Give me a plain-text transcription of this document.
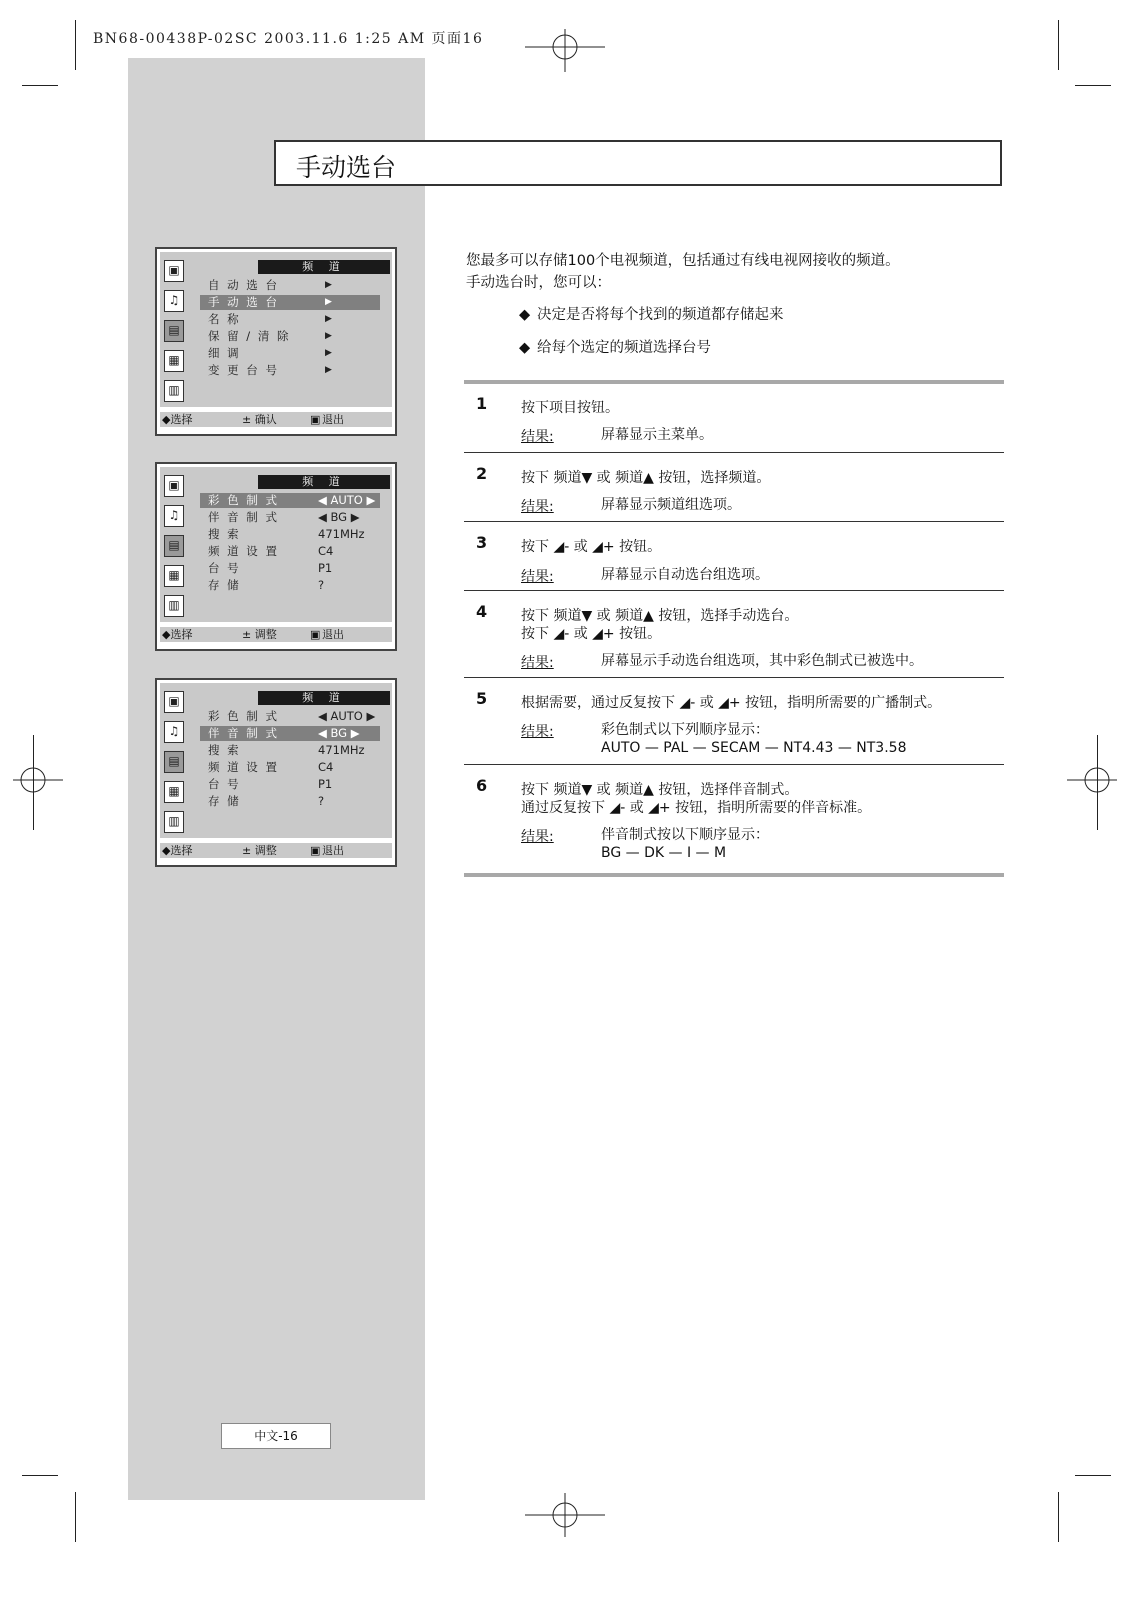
BN68-00438P-02SC 2003.11.6 1:25 AM 页面16
手动选台
▣
♫
▤
▦
▥
频 道
自 动 选 台	▶
手 动 选 台	▶
名 称	▶
保 留 / 清 除	▶
细 调	▶
变 更 台 号	▶
◆选择	± 确认	▣ 退出
▣
♫
▤
▦
▥
频 道
彩 色 制 式	◀ AUTO ▶
伴 音 制 式	◀ BG ▶
搜 索	471MHz
频 道 设 置	C4
台 号	P1
存 储	?
◆选择	± 调整	▣ 退出
▣
♫
▤
▦
▥
频 道
彩 色 制 式	◀ AUTO ▶
伴 音 制 式	◀ BG ▶
搜 索	471MHz
频 道 设 置	C4
台 号	P1
存 储	?
◆选择	± 调整	▣ 退出
中文-16
您最多可以存储100个电视频道，包括通过有线电视网接收的频道。
手动选台时，您可以：
◆ 决定是否将每个找到的频道都存储起来
◆ 给每个选定的频道选择台号
1 按下项目按钮。
结果:	屏幕显示主菜单。
2 按下 频道▼ 或 频道▲ 按钮，选择频道。
结果:	屏幕显示频道组选项。
3 按下 ◢- 或 ◢+ 按钮。
结果:	屏幕显示自动选台组选项。
4 按下 频道▼ 或 频道▲ 按钮，选择手动选台。
按下 ◢- 或 ◢+ 按钮。
结果:	屏幕显示手动选台组选项，其中彩色制式已被选中。
5 根据需要，通过反复按下 ◢- 或 ◢+ 按钮，指明所需要的广播制式。
结果:	彩色制式以下列顺序显示：
AUTO — PAL — SECAM — NT4.43 — NT3.58
6 按下 频道▼ 或 频道▲ 按钮，选择伴音制式。
通过反复按下 ◢- 或 ◢+ 按钮，指明所需要的伴音标准。
结果:	伴音制式按以下顺序显示：
BG — DK — I — M
